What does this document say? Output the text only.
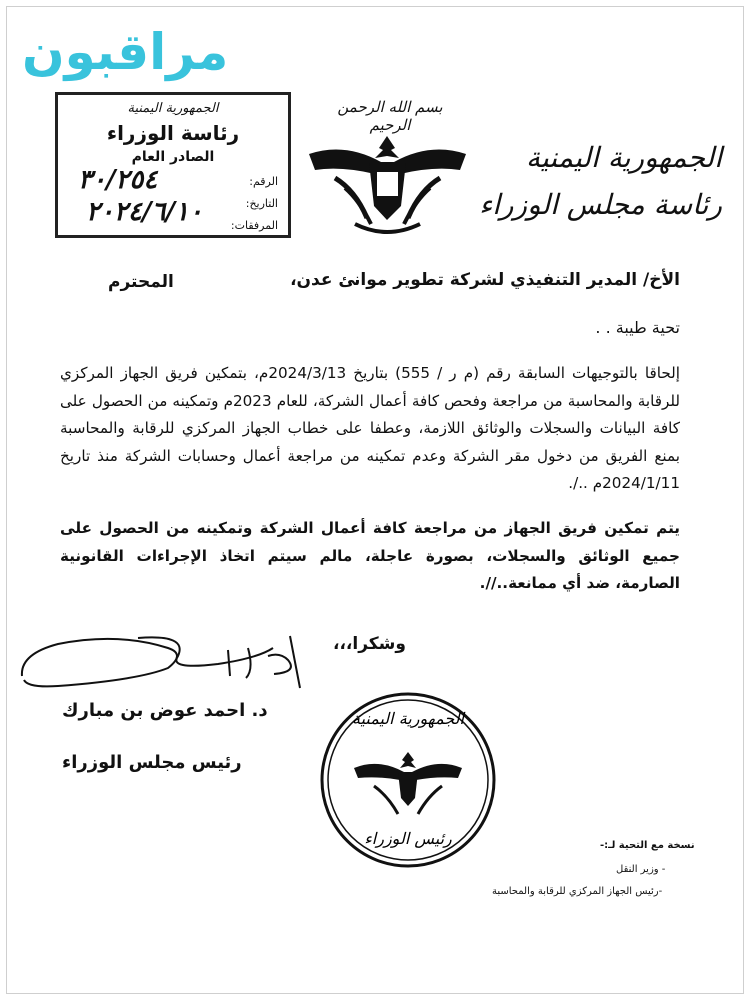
مراقبون
الجمهورية اليمنية
رئاسة الوزراء
الصادر العام
الرقم:
التاريخ:
المرفقات:
٣٠/٢٥٤
٢٠٢٤/٦/١٠
بسم الله الرحمن الرحيم
الجمهورية اليمنية
رئاسة مجلس الوزراء
الأخ/ المدير التنفيذي لشركة تطوير موانئ عدن،
المحترم
تحية طيبة . .
إلحاقا بالتوجيهات السابقة رقم (م ر / 555) بتاريخ 2024/3/13م، بتمكين فريق الجهاز المركزي للرقابة والمحاسبة من مراجعة وفحص كافة أعمال الشركة، للعام 2023م وتمكينه من الحصول على كافة البيانات والسجلات والوثائق اللازمة، وعطفا على خطاب الجهاز المركزي للرقابة والمحاسبة بمنع الفريق من دخول مقر الشركة وعدم تمكينه من مراجعة أعمال وحسابات الشركة منذ تاريخ 2024/1/11م ../.
يتم تمكين فريق الجهاز من مراجعة كافة أعمال الشركة وتمكينه من الحصول على جميع الوثائق والسجلات، بصورة عاجلة، مالم سيتم اتخاذ الإجراءات القانونية الصارمة، ضد أي ممانعة..//.
وشكرا،،،
د. احمد عوض بن مبارك
رئيس مجلس الوزراء
الجمهورية اليمنية
رئيس الوزراء	نسخة مع التحية لـ:-
- وزير النقل
-رئيس الجهاز المركزي للرقابة والمحاسبة
